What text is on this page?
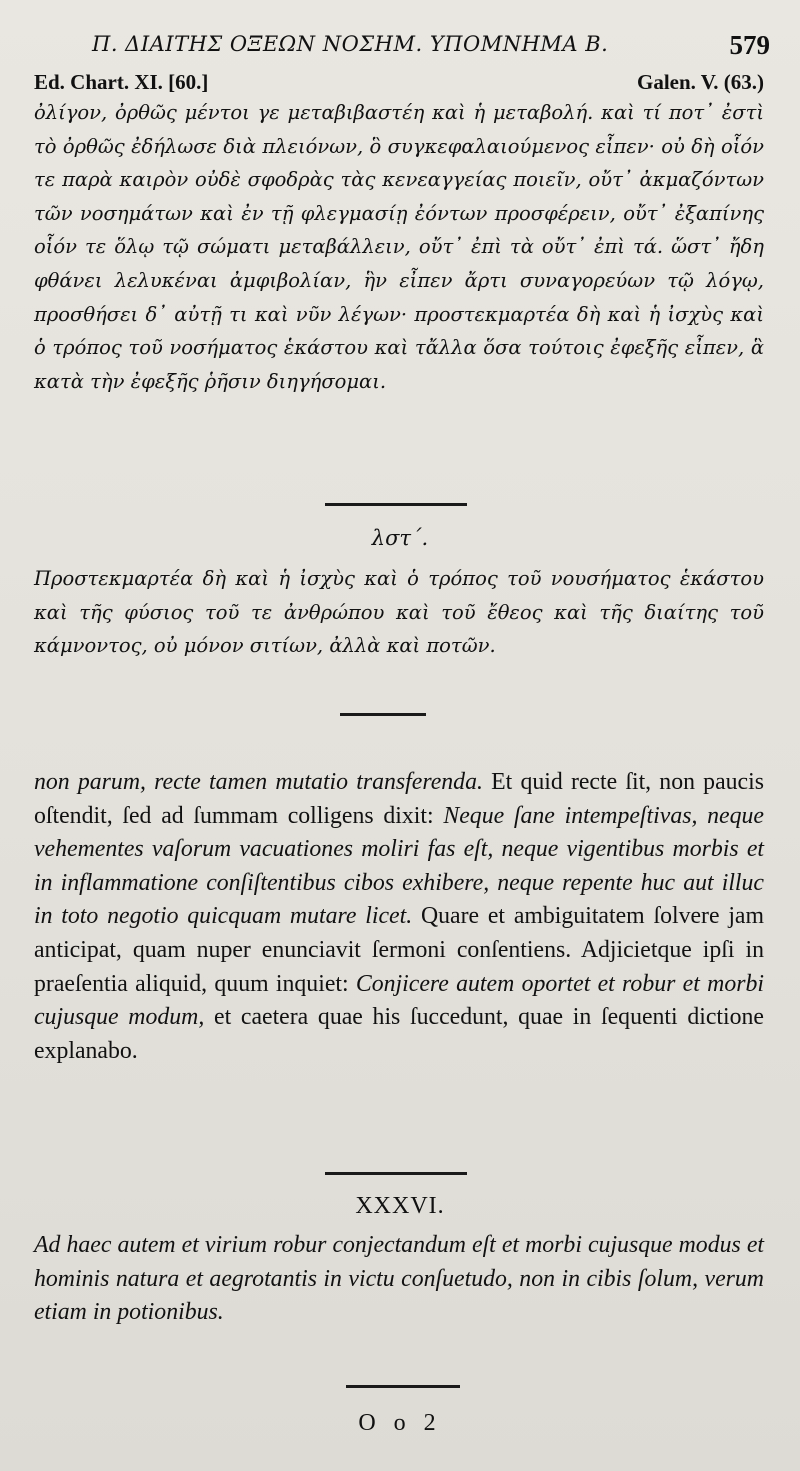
Π. ΔΙΑΙΤΗΣ ΟΞΕΩΝ ΝΟΣΗΜ. ΥΠΟΜΝΗΜΑ Β.	579
Ed. Chart. XI. [60.]	Galen. V. (63.)
ὀλίγον, ὀρθῶς μέντοι γε μεταβιβαστέη καὶ ἡ μεταβολή. καὶ τί ποτ᾽ ἐστὶ τὸ ὀρθῶς ἐδήλωσε διὰ πλειόνων, ὃ συγκεφαλαιούμενος εἶπεν· οὐ δὴ οἷόν τε παρὰ καιρὸν οὐδὲ σφοδρὰς τὰς κενεαγγείας ποιεῖν, οὔτ᾽ ἀκμαζόντων τῶν νοσημάτων καὶ ἐν τῇ φλεγμασίῃ ἐόντων προσφέρειν, οὔτ᾽ ἐξαπίνης οἷόν τε ὅλῳ τῷ σώματι μεταβάλλειν, οὔτ᾽ ἐπὶ τὰ οὔτ᾽ ἐπὶ τά. ὥστ᾽ ἤδη φθάνει λελυκέναι ἀμφιβολίαν, ἣν εἶπεν ἄρτι συναγορεύων τῷ λόγῳ, προσθήσει δ᾽ αὐτῇ τι καὶ νῦν λέγων· προστεκμαρτέα δὴ καὶ ἡ ἰσχὺς καὶ ὁ τρόπος τοῦ νοσήματος ἑκάστου καὶ τἄλλα ὅσα τούτοις ἐφεξῆς εἶπεν, ἃ κατὰ τὴν ἐφεξῆς ῥῆσιν διηγήσομαι.
λστ΄.
Προστεκμαρτέα δὴ καὶ ἡ ἰσχὺς καὶ ὁ τρόπος τοῦ νουσήματος ἑκάστου καὶ τῆς φύσιος τοῦ τε ἀνθρώπου καὶ τοῦ ἔθεος καὶ τῆς διαίτης τοῦ κάμνοντος, οὐ μόνον σιτίων, ἀλλὰ καὶ ποτῶν.
non parum, recte tamen mutatio transferenda. Et quid recte ſit, non paucis oſtendit, ſed ad ſummam colligens dixit: Neque ſane intempeſtivas, neque vehementes vaſorum vacuationes moliri fas eſt, neque vigentibus morbis et in inflammatione conſiſtentibus cibos exhibere, neque repente huc aut illuc in toto negotio quicquam mutare licet. Quare et ambiguitatem ſolvere jam anticipat, quam nuper enunciavit ſermoni conſentiens. Adjicietque ipſi in praeſentia aliquid, quum inquiet: Conjicere autem oportet et robur et morbi cujusque modum, et caetera quae his ſuccedunt, quae in ſequenti dictione explanabo.
XXXVI.
Ad haec autem et virium robur conjectandum eſt et morbi cujusque modus et hominis natura et aegrotantis in victu conſuetudo, non in cibis ſolum, verum etiam in potionibus.
O o 2
